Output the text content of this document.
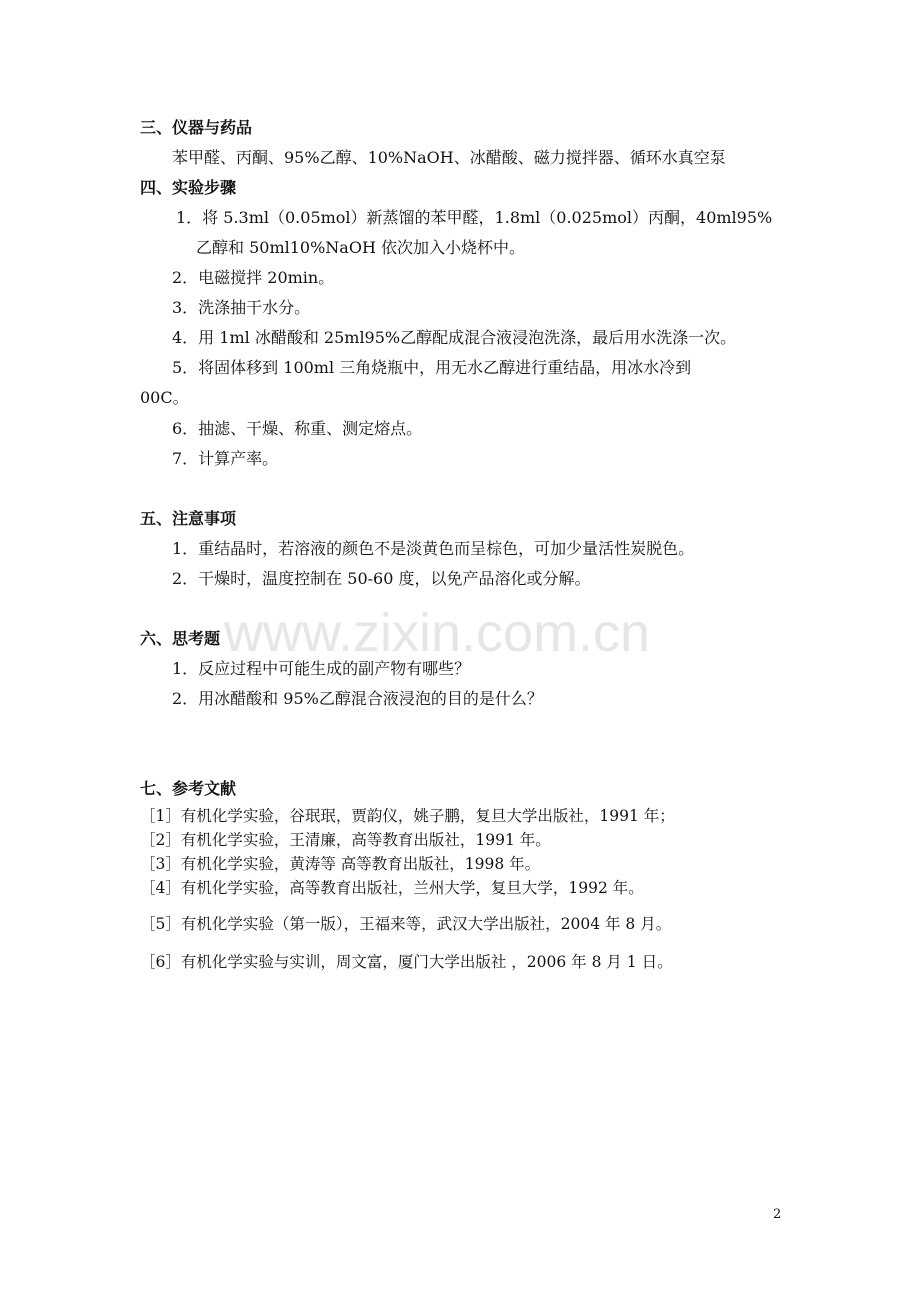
www.zixin.com.cn
三、仪器与药品
苯甲醛、丙酮、95%乙醇、10%NaOH、冰醋酸、磁力搅拌器、循环水真空泵
四、实验步骤
1．将 5.3ml（0.05mol）新蒸馏的苯甲醛，1.8ml（0.025mol）丙酮，40ml95%
乙醇和 50ml10%NaOH 依次加入小烧杯中。
2．电磁搅拌 20min。
3．洗涤抽干水分。
4．用 1ml 冰醋酸和 25ml95%乙醇配成混合液浸泡洗涤，最后用水洗涤一次。
5．将固体移到 100ml 三角烧瓶中，用无水乙醇进行重结晶，用冰水冷到
00C。
6．抽滤、干燥、称重、测定熔点。
7．计算产率。
五、注意事项
1．重结晶时，若溶液的颜色不是淡黄色而呈棕色，可加少量活性炭脱色。
2．干燥时，温度控制在 50-60 度，以免产品溶化或分解。
六、思考题
1．反应过程中可能生成的副产物有哪些？
2．用冰醋酸和 95%乙醇混合液浸泡的目的是什么？
七、参考文献
［1］有机化学实验，谷珉珉，贾韵仪，姚子鹏，复旦大学出版社，1991 年；
［2］有机化学实验，王清廉，高等教育出版社，1991 年。
［3］有机化学实验，黄涛等 高等教育出版社，1998 年。
［4］有机化学实验，高等教育出版社，兰州大学，复旦大学，1992 年。
［5］有机化学实验（第一版），王福来等，武汉大学出版社，2004 年 8 月。
［6］有机化学实验与实训，周文富，厦门大学出版社 ，2006 年 8 月 1 日。
2
